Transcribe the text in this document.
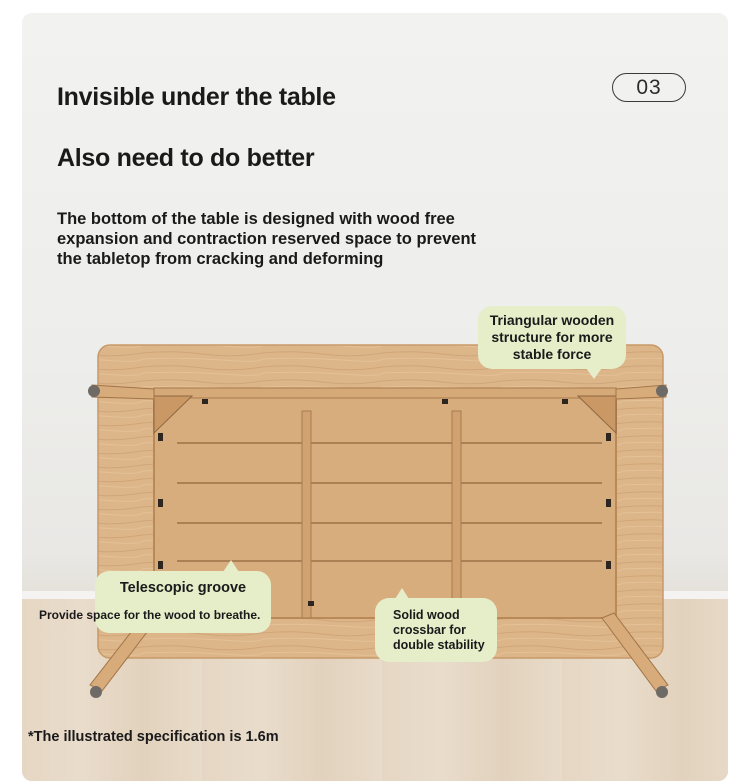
03
Invisible under the table
Also need to do better

The bottom of the table is designed with wood free expansion and contraction reserved space to prevent the tabletop from cracking and deforming

Triangular wooden structure for more stable force
Telescopic groove
Provide space for the wood to breathe.	Solid wood crossbar for double stability

*The illustrated specification is 1.6m
